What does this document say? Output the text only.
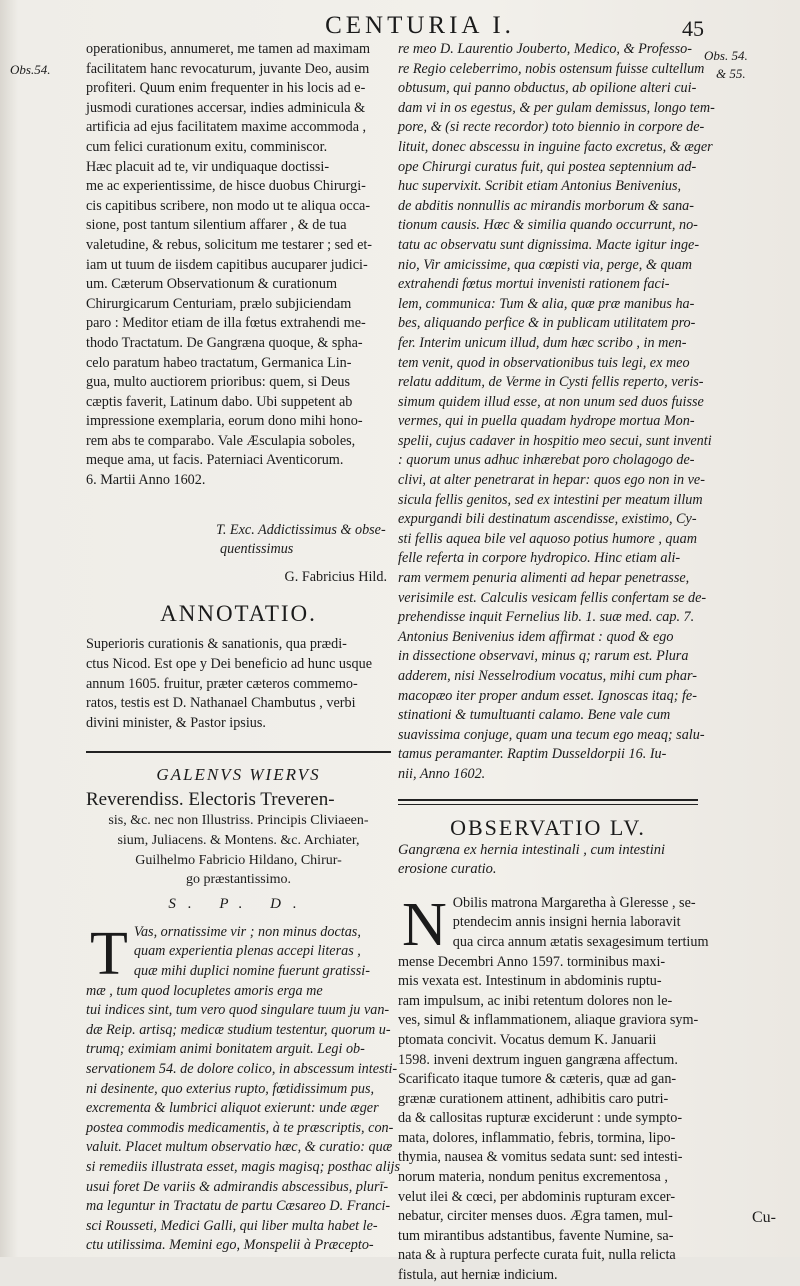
CENTURIA I.	45
Obs.54.
Obs. 54.
& 55.
operationibus, annumeret, me tamen ad maximam
facilitatem hanc revocaturum, juvante Deo, ausim
profiteri. Quum enim frequenter in his locis ad e-
jusmodi curationes accersar, indies adminicula &
artificia ad ejus facilitatem maxime accommoda ,
cum felici curationum exitu, comminiscor.
Hæc placuit ad te, vir undiquaque doctissi-
me ac experientissime, de hisce duobus Chirurgi-
cis capitibus scribere, non modo ut te aliqua occa-
sione, post tantum silentium affarer , & de tua
valetudine, & rebus, solicitum me testarer ; sed et-
iam ut tuum de iisdem capitibus aucuparer judici-
um. Cæterum Observationum & curationum
Chirurgicarum Centuriam, prælo subjiciendam
paro : Meditor etiam de illa fœtus extrahendi me-
thodo Tractatum. De Gangræna quoque, & spha-
celo paratum habeo tractatum, Germanica Lin-
gua, multo auctiorem prioribus: quem, si Deus
cæptis faverit, Latinum dabo. Ubi suppetent ab
impressione exemplaria, eorum dono mihi hono-
rem abs te comparabo. Vale Æsculapia soboles,
meque ama, ut facis. Paterniaci Aventicorum.
6. Martii Anno 1602.
T. Exc. Addictissimus & obse-
quentissimus
G. Fabricius Hild.
ANNOTATIO.
Superioris curationis & sanationis, qua prædi-
ctus Nicod. Est ope y Dei beneficio ad hunc usque
annum 1605. fruitur, præter cæteros commemo-
ratos, testis est D. Nathanael Chambutus , verbi
divini minister, & Pastor ipsius.
GALENVS WIERVS
Reverendiss. Electoris Treveren-
sis, &c. nec non Illustriss. Principis Cliviaeen-
sium, Juliacens. & Montens. &c. Archiater,
Guilhelmo Fabricio Hildano, Chirur-
go præstantissimo.
S. P. D.
T Vas, ornatissime vir ; non minus doctas,
quam experientia plenas accepi literas ,
quæ mihi duplici nomine fuerunt gratissi-
mæ , tum quod locupletes amoris erga me
tui indices sint, tum vero quod singulare tuum ju van-
dæ Reip. artisq; medicæ studium testentur, quorum u-
trumq; eximiam animi bonitatem arguit. Legi ob-
servationem 54. de dolore colico, in abscessum intesti-
ni desinente, quo exterius rupto, fœtidissimum pus,
excrementa & lumbrici aliquot exierunt: unde æger
postea commodis medicamentis, à te præscriptis, con-
valuit. Placet multum observatio hæc, & curatio: quæ
si remediis illustrata esset, magis magisq; posthac alijs
usui foret De variis & admirandis abscessibus, plurī-
ma leguntur in Tractatu de partu Cæsareo D. Franci-
sci Rousseti, Medici Galli, qui liber multa habet le-
ctu utilissima. Memini ego, Monspelii à Præcepto-
re meo D. Laurentio Jouberto, Medico, & Professo-
re Regio celeberrimo, nobis ostensum fuisse cultellum
obtusum, qui panno obductus, ab opilione alteri cui-
dam vi in os egestus, & per gulam demissus, longo tem-
pore, & (si recte recordor) toto biennio in corpore de-
lituit, donec abscessu in inguine facto excretus, & æger
ope Chirurgi curatus fuit, qui postea septennium ad-
huc supervixit. Scribit etiam Antonius Benivenius,
de abditis nonnullis ac mirandis morborum & sana-
tionum causis. Hæc & similia quando occurrunt, no-
tatu ac observatu sunt dignissima. Macte igitur inge-
nio, Vir amicissime, qua cœpisti via, perge, & quam
extrahendi fœtus mortui invenisti rationem faci-
lem, communica: Tum & alia, quæ præ manibus ha-
bes, aliquando perfice & in publicam utilitatem pro-
fer. Interim unicum illud, dum hæc scribo , in men-
tem venit, quod in observationibus tuis legi, ex meo
relatu additum, de Verme in Cysti fellis reperto, veris-
simum quidem illud esse, at non unum sed duos fuisse
vermes, qui in puella quadam hydrope mortua Mon-
spelii, cujus cadaver in hospitio meo secui, sunt inventi
: quorum unus adhuc inhærebat poro cholagogo de-
clivi, at alter penetrarat in hepar: quos ego non in ve-
sicula fellis genitos, sed ex intestini per meatum illum
expurgandi bili destinatum ascendisse, existimo, Cy-
sti fellis aquea bile vel aquoso potius humore , quam
felle referta in corpore hydropico. Hinc etiam ali-
ram vermem penuria alimenti ad hepar penetrasse,
verisimile est. Calculis vesicam fellis confertam se de-
prehendisse inquit Fernelius lib. 1. suæ med. cap. 7.
Antonius Benivenius idem affirmat : quod & ego
in dissectione observavi, minus q; rarum est. Plura
adderem, nisi Nesselrodium vocatus, mihi cum phar-
macopæo iter proper andum esset. Ignoscas itaq; fe-
stinationi & tumultuanti calamo. Bene vale cum
suavissima conjuge, quam una tecum ego meaq; salu-
tamus peramanter. Raptim Dusseldorpii 16. Iu-
nii, Anno 1602.
OBSERVATIO LV.
Gangræna ex hernia intestinali , cum intestini
erosione curatio.
N Obilis matrona Margaretha à Gleresse , se-
ptendecim annis insigni hernia laboravit
qua circa annum ætatis sexagesimum tertium
mense Decembri Anno 1597. torminibus maxi-
mis vexata est. Intestinum in abdominis ruptu-
ram impulsum, ac inibi retentum dolores non le-
ves, simul & inflammationem, aliaque graviora sym-
ptomata concivit. Vocatus demum K. Januarii
1598. inveni dextrum inguen gangræna affectum.
Scarificato itaque tumore & cæteris, quæ ad gan-
grænæ curationem attinent, adhibitis caro putri-
da & callositas rupturæ exciderunt : unde sympto-
mata, dolores, inflammatio, febris, tormina, lipo-
thymia, nausea & vomitus sedata sunt: sed intesti-
norum materia, nondum penitus excrementosa ,
velut ilei & cœci, per abdominis rupturam excer-
nebatur, circiter menses duos. Ægra tamen, mul-
tum mirantibus adstantibus, favente Numine, sa-
nata & à ruptura perfecte curata fuit, nulla relicta
fistula, aut herniæ indicium.
Cu-
